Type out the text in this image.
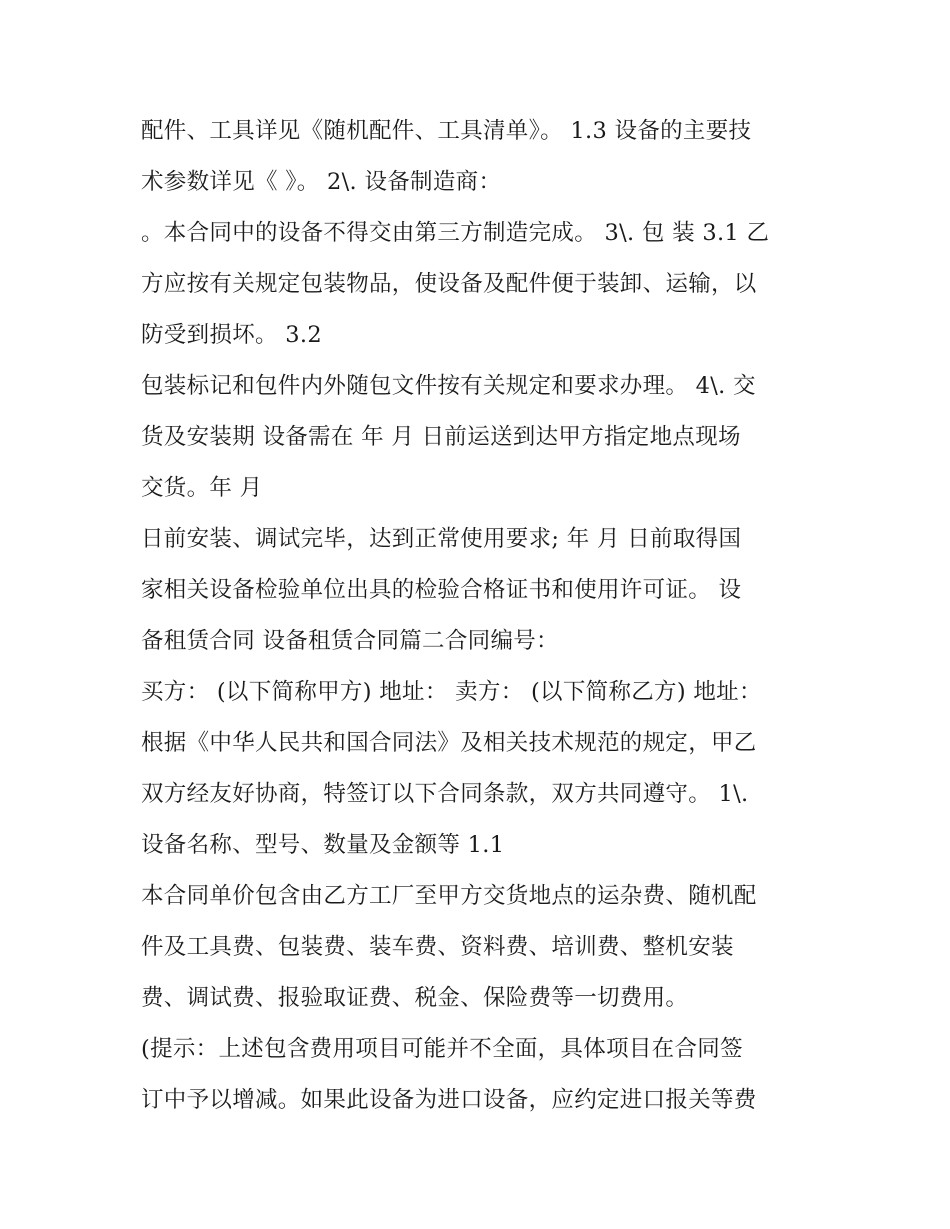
配件、工具详见《随机配件、工具清单》。 1.3 设备的主要技
术参数详见《 》。 2\. 设备制造商：
。本合同中的设备不得交由第三方制造完成。 3\. 包 装 3.1 乙
方应按有关规定包装物品，使设备及配件便于装卸、运输，以
防受到损坏。 3.2
包装标记和包件内外随包文件按有关规定和要求办理。 4\. 交
货及安装期 设备需在 年 月 日前运送到达甲方指定地点现场
交货。年 月
日前安装、调试完毕，达到正常使用要求; 年 月 日前取得国
家相关设备检验单位出具的检验合格证书和使用许可证。 设
备租赁合同 设备租赁合同篇二合同编号：
买方： (以下简称甲方) 地址： 卖方： (以下简称乙方) 地址：
根据《中华人民共和国合同法》及相关技术规范的规定，甲乙
双方经友好协商，特签订以下合同条款，双方共同遵守。 1\.
设备名称、型号、数量及金额等 1.1
本合同单价包含由乙方工厂至甲方交货地点的运杂费、随机配
件及工具费、包装费、装车费、资料费、培训费、整机安装
费、调试费、报验取证费、税金、保险费等一切费用。
(提示：上述包含费用项目可能并不全面，具体项目在合同签
订中予以增减。如果此设备为进口设备，应约定进口报关等费
